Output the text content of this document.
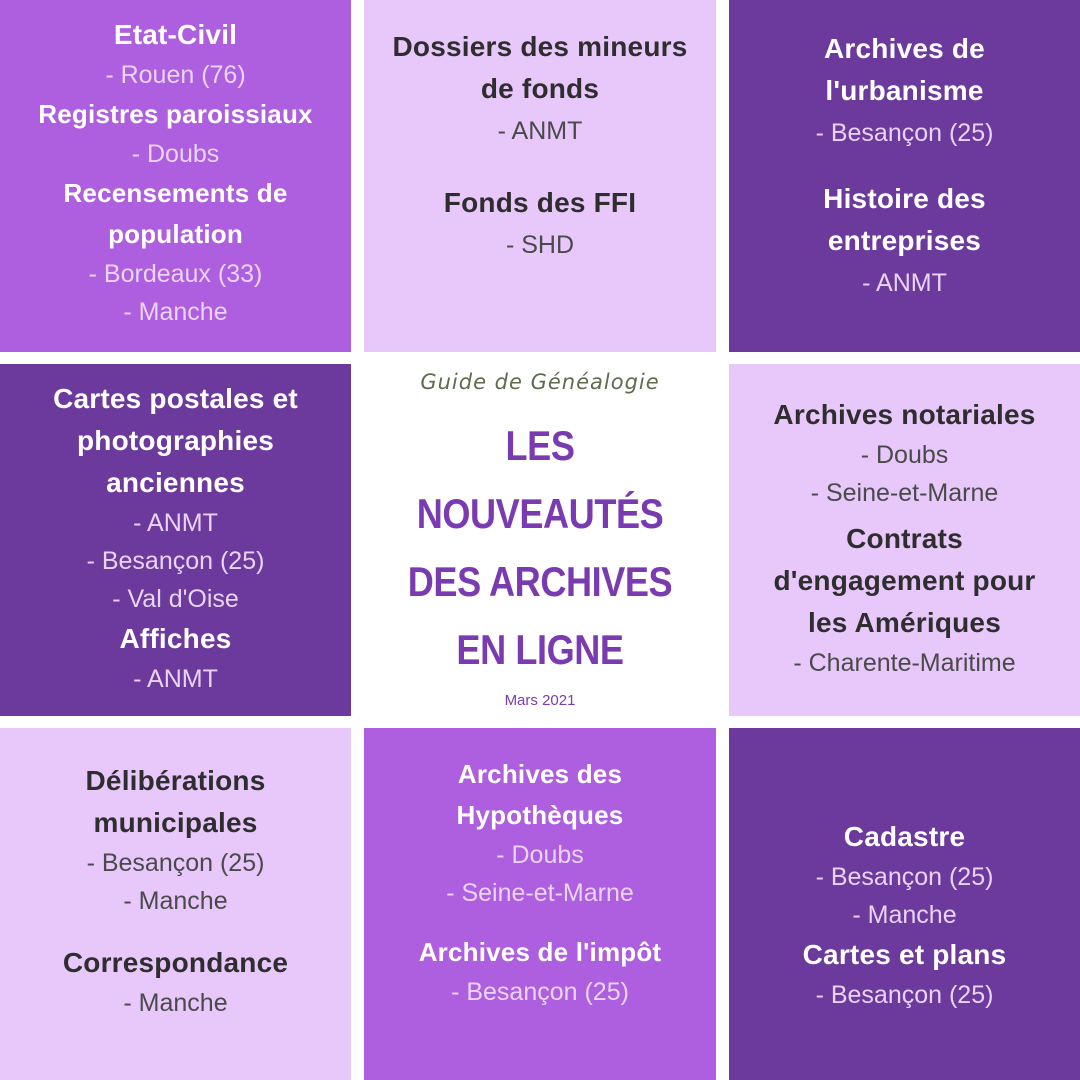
Etat-Civil
- Rouen (76)
Registres paroissiaux
- Doubs
Recensements de
population
- Bordeaux (33)
- Manche
Dossiers des mineurs
de fonds
- ANMT
Fonds des FFI
- SHD
Archives de
l'urbanisme
- Besançon (25)
Histoire des
entreprises
- ANMT
Cartes postales et
photographies
anciennes
- ANMT
- Besançon (25)
- Val d'Oise
Affiches
- ANMT
Guide de Généalogie
LES NOUVEAUTÉS
DES ARCHIVES
EN LIGNE
Mars 2021
Archives notariales
- Doubs
- Seine-et-Marne
Contrats
d'engagement pour
les Amériques
- Charente-Maritime
Délibérations
municipales
- Besançon (25)
- Manche
Correspondance
- Manche
Archives des
Hypothèques
- Doubs
- Seine-et-Marne
Archives de l'impôt
- Besançon (25)
Cadastre
- Besançon (25)
- Manche
Cartes et plans
- Besançon (25)
